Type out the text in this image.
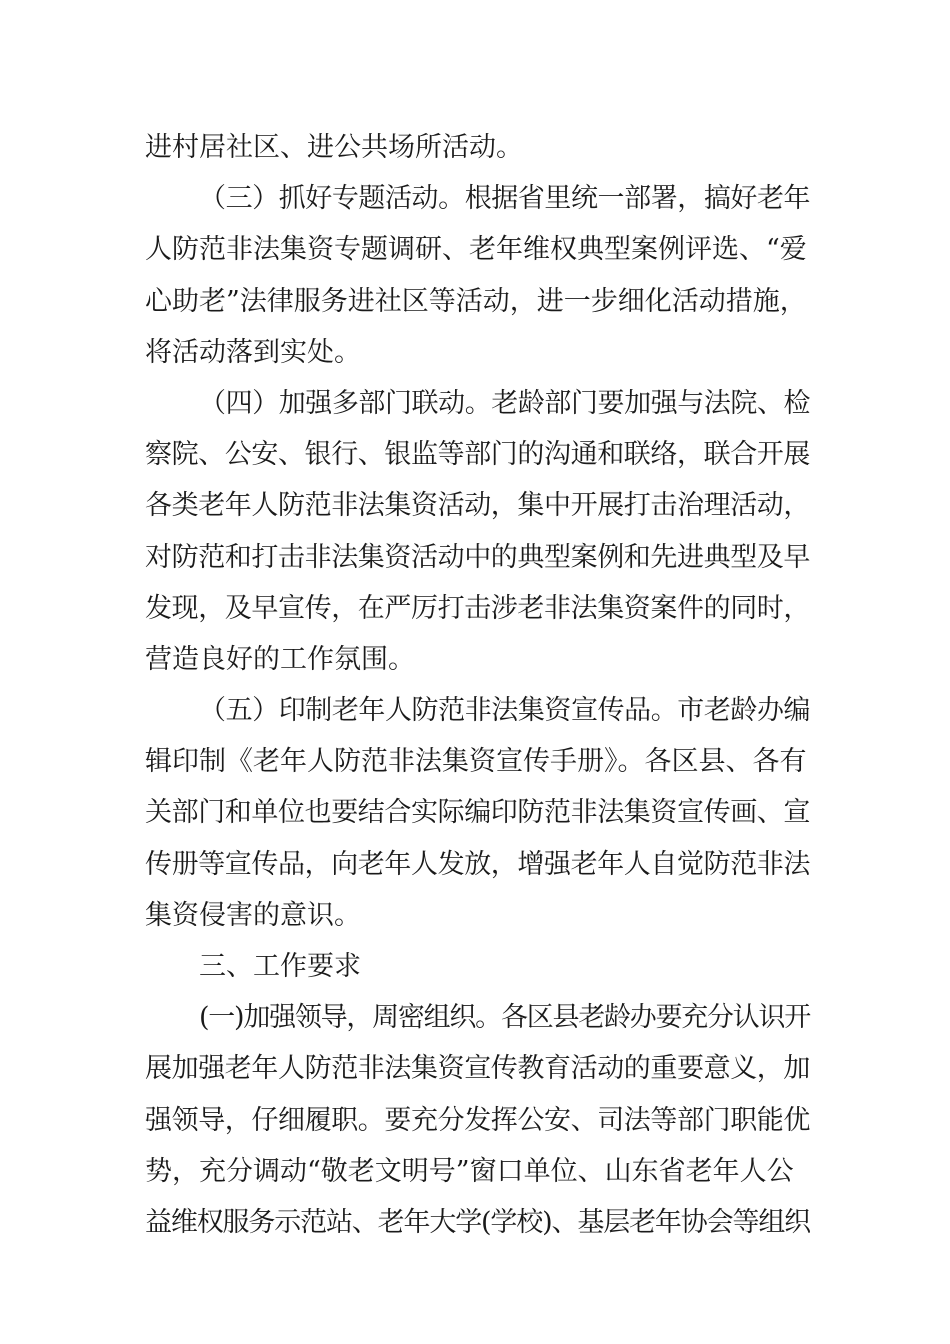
进村居社区、进公共场所活动。
（三）抓好专题活动。根据省里统一部署，搞好老年
人防范非法集资专题调研、老年维权典型案例评选、“爱
心助老”法律服务进社区等活动，进一步细化活动措施，
将活动落到实处。
（四）加强多部门联动。老龄部门要加强与法院、检
察院、公安、银行、银监等部门的沟通和联络，联合开展
各类老年人防范非法集资活动，集中开展打击治理活动，
对防范和打击非法集资活动中的典型案例和先进典型及早
发现，及早宣传，在严厉打击涉老非法集资案件的同时，
营造良好的工作氛围。
（五）印制老年人防范非法集资宣传品。市老龄办编
辑印制《老年人防范非法集资宣传手册》。各区县、各有
关部门和单位也要结合实际编印防范非法集资宣传画、宣
传册等宣传品，向老年人发放，增强老年人自觉防范非法
集资侵害的意识。
三、工作要求
(一)加强领导，周密组织。各区县老龄办要充分认识开
展加强老年人防范非法集资宣传教育活动的重要意义，加
强领导，仔细履职。要充分发挥公安、司法等部门职能优
势，充分调动“敬老文明号”窗口单位、山东省老年人公
益维权服务示范站、老年大学(学校)、基层老年协会等组织
